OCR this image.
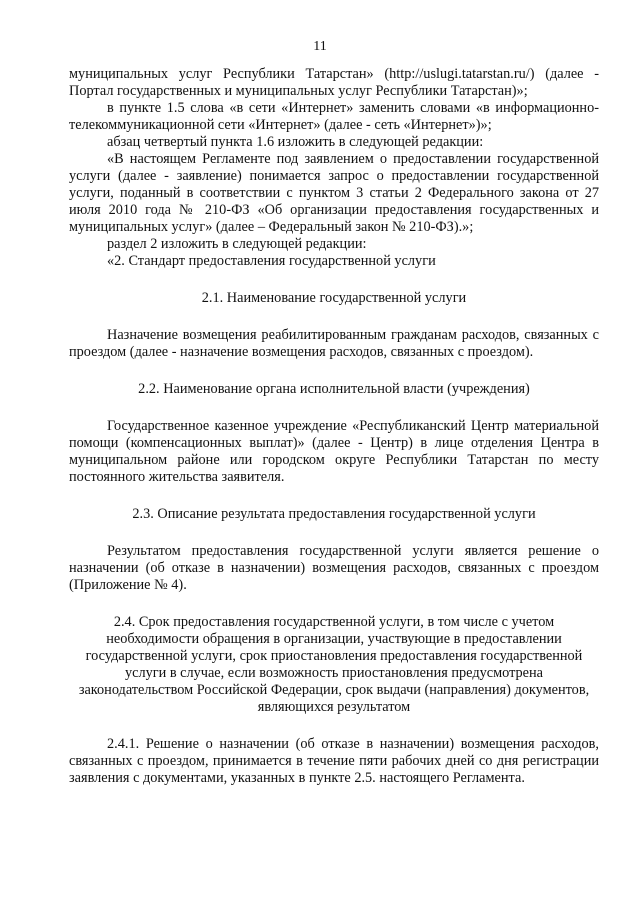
11

муниципальных услуг Республики Татарстан» (http://uslugi.tatarstan.ru/) (далее - Портал государственных и муниципальных услуг Республики Татарстан)»;

в пункте 1.5 слова «в сети «Интернет» заменить словами «в информационно-телекоммуникационной сети «Интернет» (далее - сеть «Интернет»)»;

абзац четвертый пункта 1.6 изложить в следующей редакции:

«В настоящем Регламенте под заявлением о предоставлении государственной услуги (далее - заявление) понимается запрос о предоставлении государственной услуги, поданный в соответствии с пунктом 3 статьи 2 Федерального закона от 27 июля 2010 года № 210-ФЗ «Об организации предоставления государственных и муниципальных услуг» (далее – Федеральный закон № 210-ФЗ).»;

раздел 2 изложить в следующей редакции:

«2. Стандарт предоставления государственной услуги

2.1. Наименование государственной услуги

Назначение возмещения реабилитированным гражданам расходов, связанных с проездом (далее - назначение возмещения расходов, связанных с проездом).

2.2. Наименование органа исполнительной власти (учреждения)

Государственное казенное учреждение «Республиканский Центр материальной помощи (компенсационных выплат)» (далее - Центр) в лице отделения Центра в муниципальном районе или городском округе Республики Татарстан по месту постоянного жительства заявителя.

2.3. Описание результата предоставления государственной услуги

Результатом предоставления государственной услуги является решение о назначении (об отказе в назначении) возмещения расходов, связанных с проездом (Приложение № 4).

2.4. Срок предоставления государственной услуги, в том числе с учетом необходимости обращения в организации, участвующие в предоставлении государственной услуги, срок приостановления предоставления государственной услуги в случае, если возможность приостановления предусмотрена законодательством Российской Федерации, срок выдачи (направления) документов, являющихся результатом

2.4.1. Решение о назначении (об отказе в назначении) возмещения расходов, связанных с проездом, принимается в течение пяти рабочих дней со дня регистрации заявления с документами, указанных в пункте 2.5. настоящего Регламента.
